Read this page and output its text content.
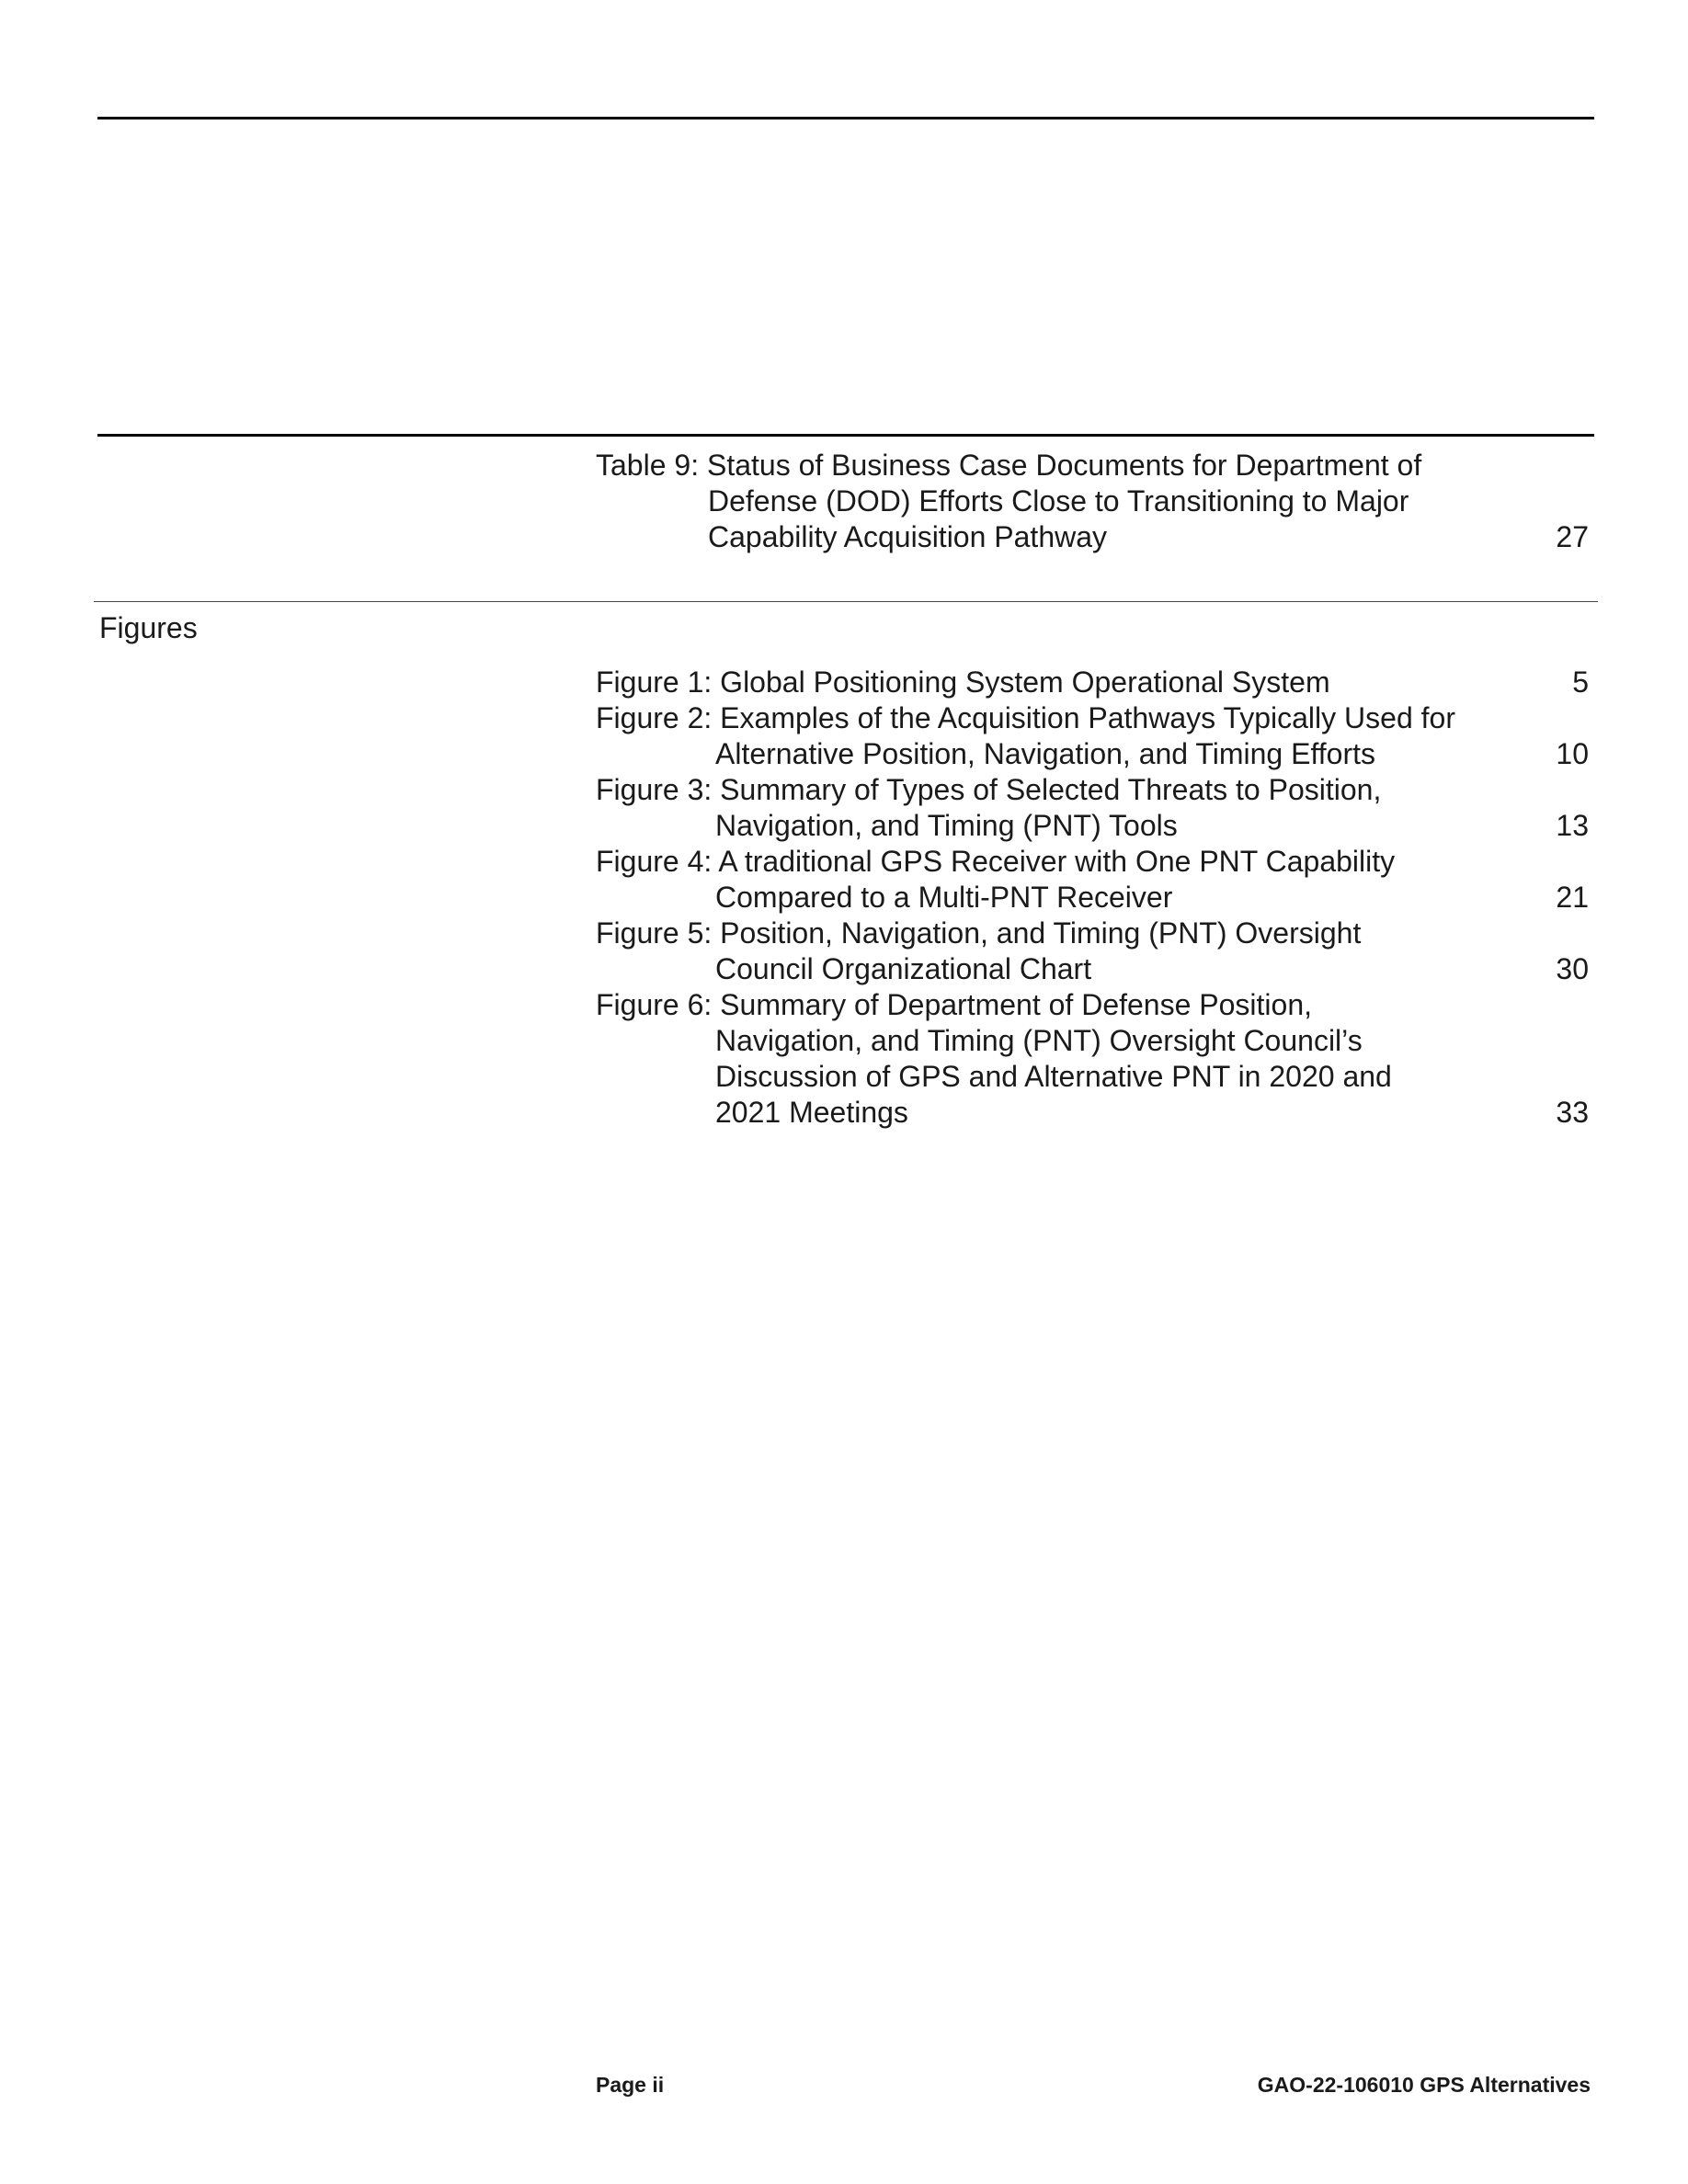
Table 9: Status of Business Case Documents for Department of
Defense (DOD) Efforts Close to Transitioning to Major
Capability Acquisition Pathway	27
Figures
Figure 1: Global Positioning System Operational System	5
Figure 2: Examples of the Acquisition Pathways Typically Used for
Alternative Position, Navigation, and Timing Efforts	10
Figure 3: Summary of Types of Selected Threats to Position,
Navigation, and Timing (PNT) Tools	13
Figure 4: A traditional GPS Receiver with One PNT Capability
Compared to a Multi-PNT Receiver	21
Figure 5: Position, Navigation, and Timing (PNT) Oversight
Council Organizational Chart	30
Figure 6: Summary of Department of Defense Position,
Navigation, and Timing (PNT) Oversight Council’s
Discussion of GPS and Alternative PNT in 2020 and
2021 Meetings	33
Page ii	GAO-22-106010 GPS Alternatives
